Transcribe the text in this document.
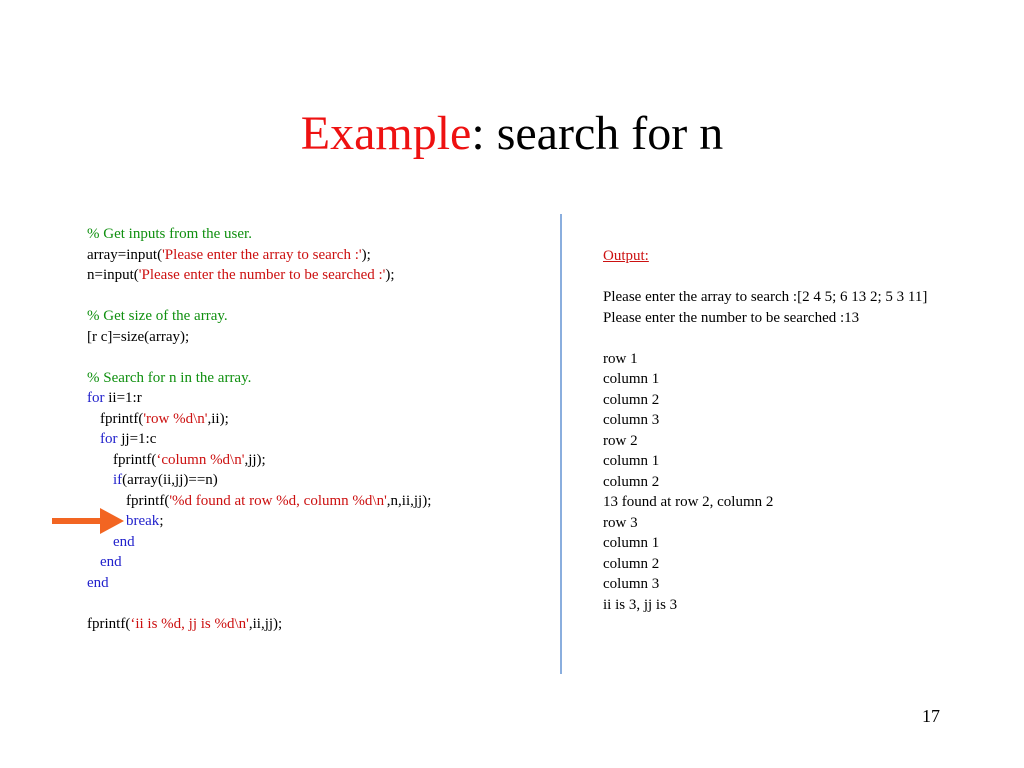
Example: search for n
% Get inputs from the user.
array=input('Please enter the array to search :');
n=input('Please enter the number to be searched :');
% Get size of the array.
[r c]=size(array);
% Search for n in the array.
for ii=1:r
fprintf('row %d\n',ii);
for jj=1:c
fprintf(‘column %d\n',jj);
if(array(ii,jj)==n)
fprintf('%d found at row %d, column %d\n',n,ii,jj);
break;
end
end
end
fprintf(‘ii is %d, jj is %d\n',ii,jj);
Output:
Please enter the array to search :[2 4 5; 6 13 2; 5 3 11]
Please enter the number to be searched :13
row 1
column 1
column 2
column 3
row 2
column 1
column 2
13 found at row 2, column 2
row 3
column 1
column 2
column 3
ii is 3, jj is 3
17
